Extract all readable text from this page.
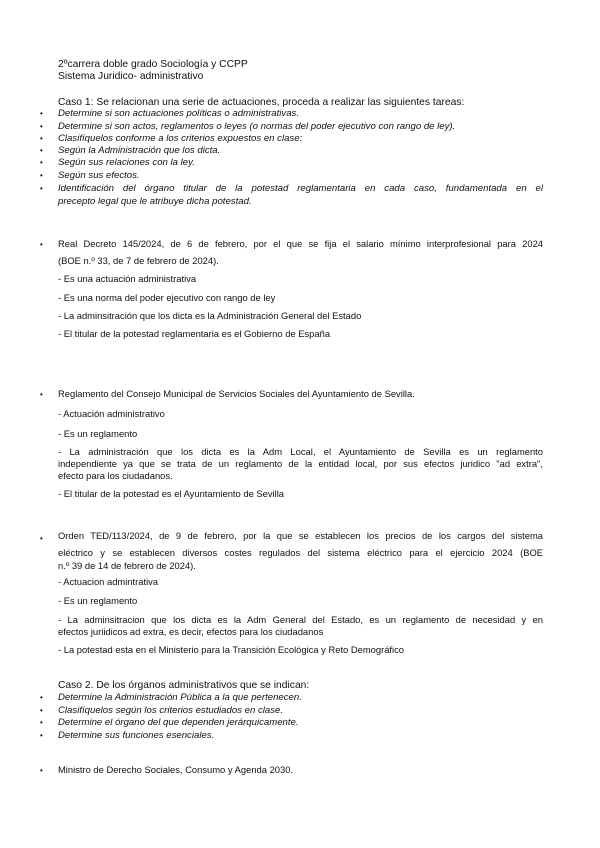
2ºcarrera doble grado Sociología y CCPP
Sistema Juridico- administrativo
Caso 1: Se relacionan una serie de actuaciones, proceda a realizar las siguientes tareas:
• Determine si son actuaciones políticas o administrativas.
• Determine si son actos, reglamentos o leyes (o normas del poder ejecutivo con rango de ley).
• Clasifíquelos conforme a los criterios expuestos en clase:
• Según la Administración que los dicta.
• Según sus relaciones con la ley.
• Según sus efectos.
• Identificación del órgano titular de la potestad reglamentaria en cada caso, fundamentada en el
precepto legal que le atribuye dicha potestad.
• Real Decreto 145/2024, de 6 de febrero, por el que se fija el salario mínimo interprofesional para 2024
(BOE n.º 33, de 7 de febrero de 2024).
- Es una actuación administrativa
- Es una norma del poder ejecutivo con rango de ley
- La adminsitración que los dicta es la Administración General del Estado
- El titular de la potestad reglamentaria es el Gobierno de España
• Reglamento del Consejo Municipal de Servicios Sociales del Ayuntamiento de Sevilla.
- Actuación administrativo
- Es un reglamento
- La administración que los dicta es la Adm Local, el Ayuntamiento de Sevilla es un reglamento
independiente ya que se trata de un reglamento de la entidad local, por sus efectos juridico "ad extra",
efecto para los ciudadanos.
- El titular de la potestad es el Ayuntamiento de Sevilla
• Orden TED/113/2024, de 9 de febrero, por la que se establecen los precios de los cargos del sistema
eléctrico y se establecen diversos costes regulados del sistema eléctrico para el ejercicio 2024 (BOE
n.º 39 de 14 de febrero de 2024).
- Actuacion admintrativa
- Es un reglamento
- La adminsitracion que los dicta es la Adm General del Estado, es un reglamento de necesidad y en
efectos juriidicos ad extra, es decir, efectos para los ciudadanos
- La potestad esta en el Ministerio para la Transición Ecológica y Reto Demográfico
Caso 2. De los órganos administrativos que se indican:
• Determine la Administración Pública a la que pertenecen.
• Clasifíquelos según los criterios estudiados en clase.
• Determine el órgano del que dependen jerárquicamente.
• Determine sus funciones esenciales.
• Ministro de Derecho Sociales, Consumo y Agenda 2030.
